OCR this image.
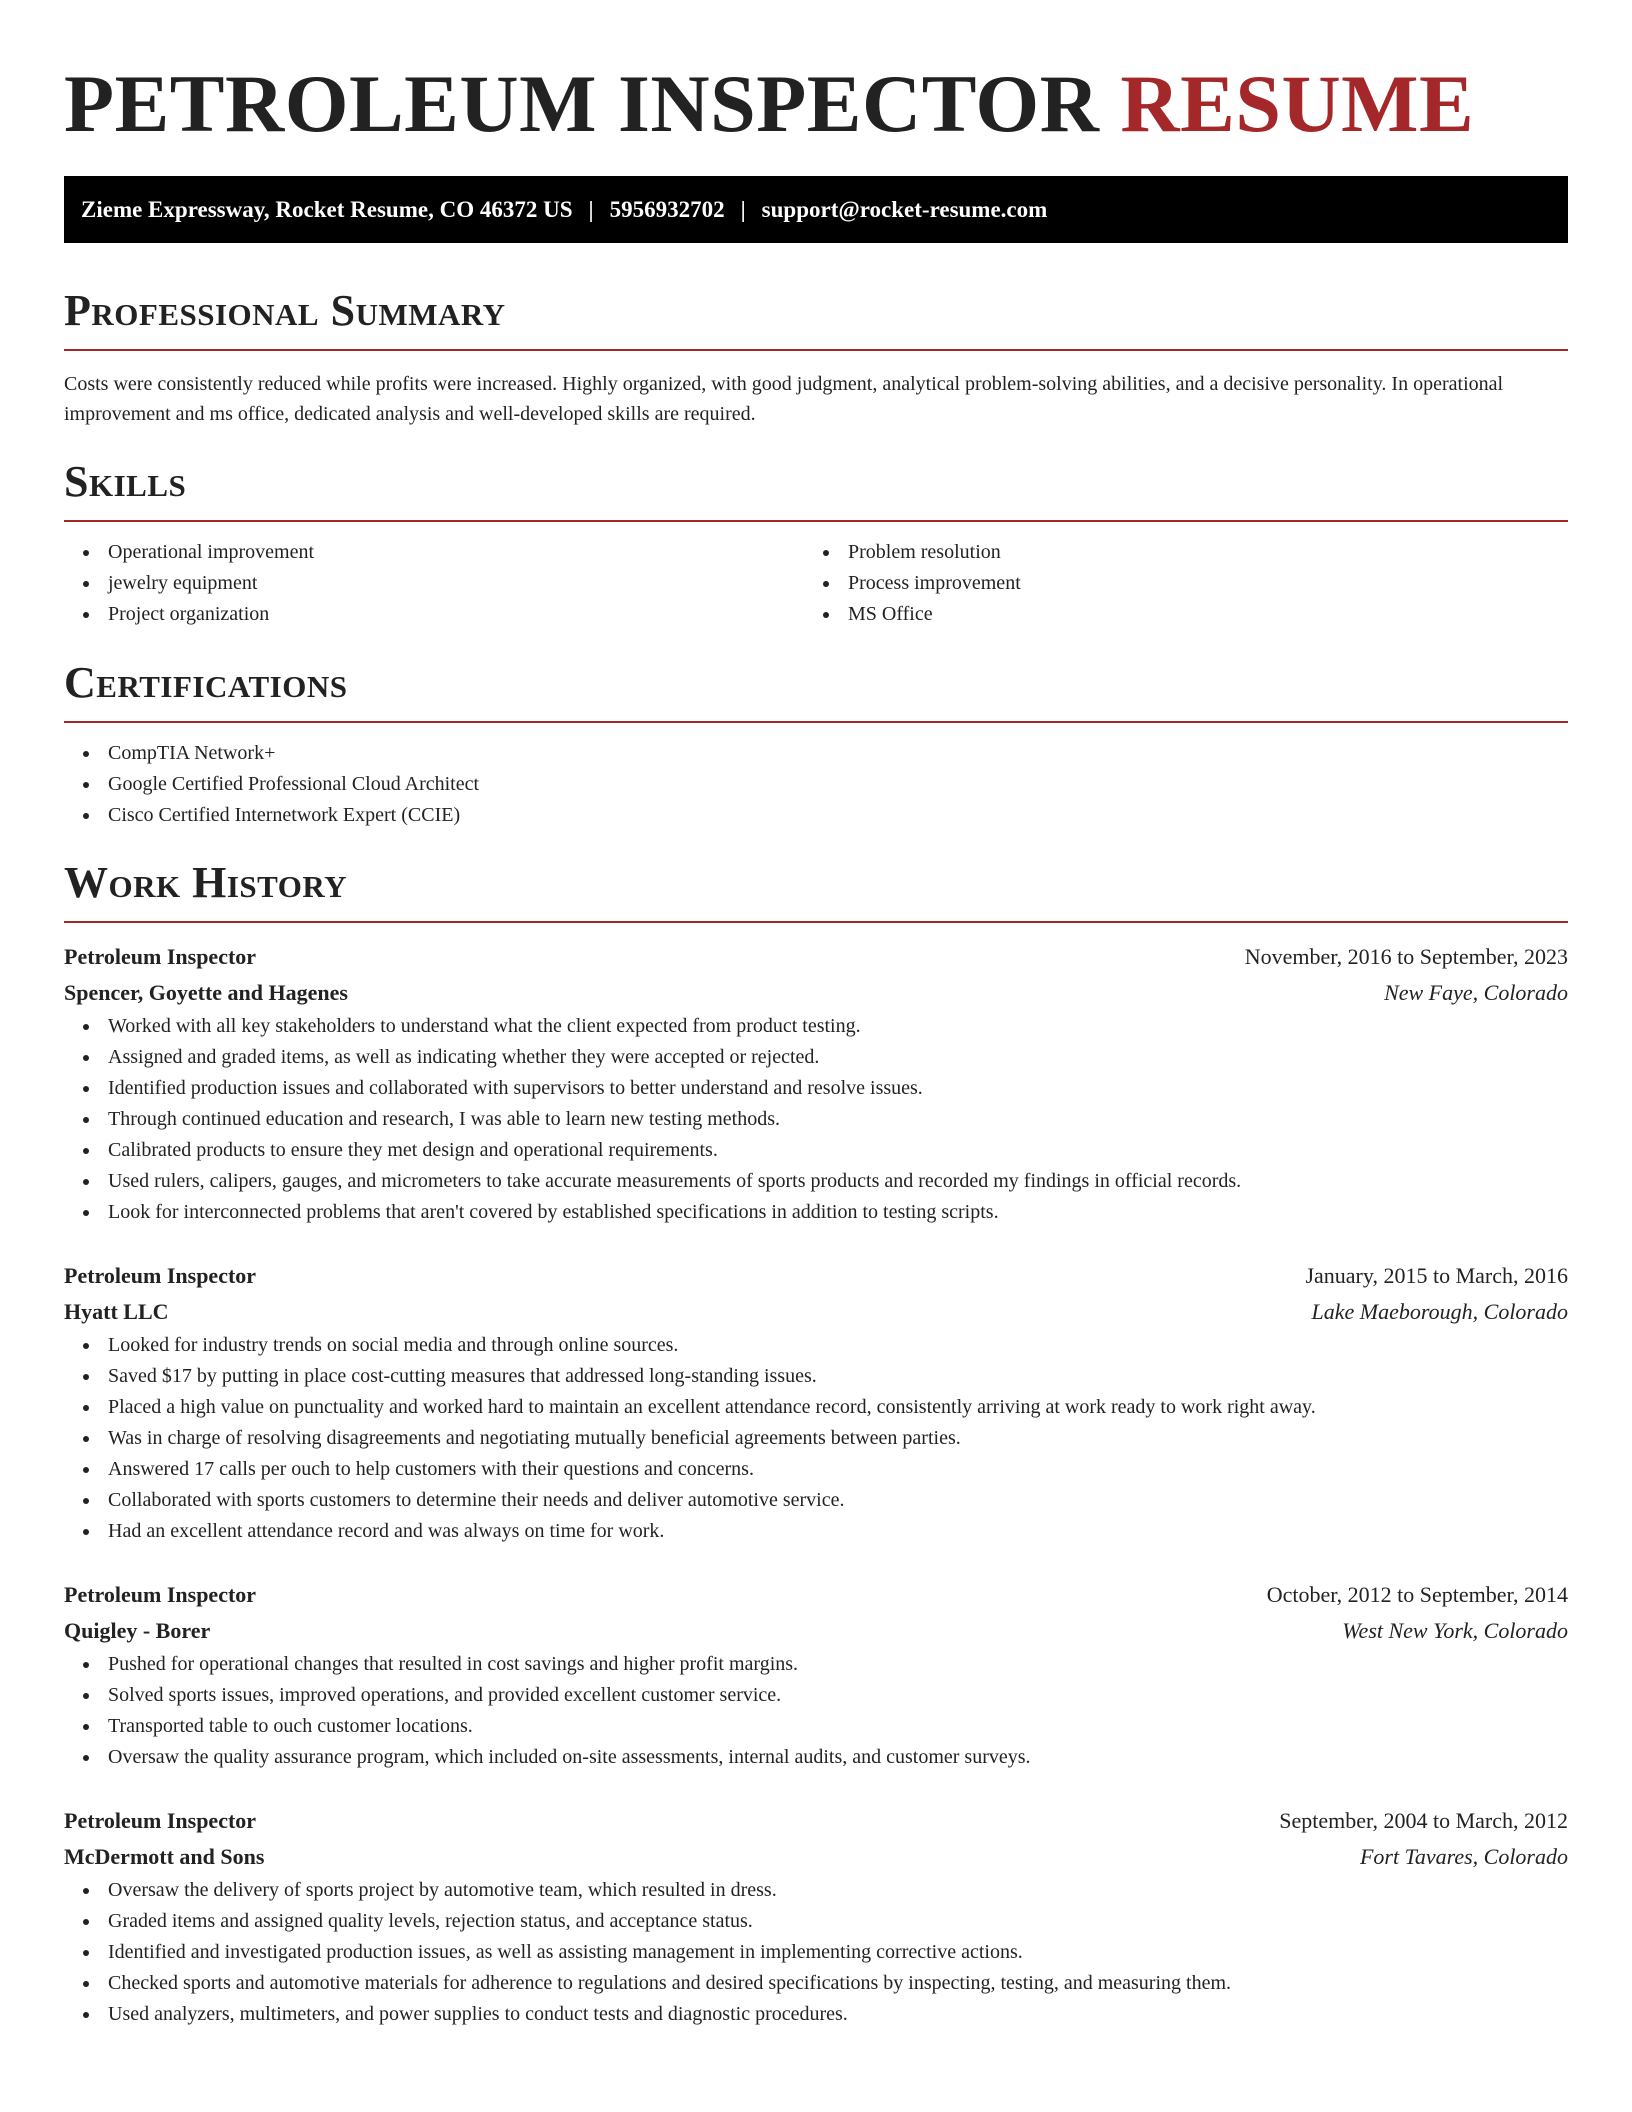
PETROLEUM INSPECTOR RESUME
Zieme Expressway, Rocket Resume, CO 46372 US | 5956932702 | support@rocket-resume.com
Professional Summary

Costs were consistently reduced while profits were increased. Highly organized, with good judgment, analytical problem-solving abilities, and a decisive personality. In operational improvement and ms office, dedicated analysis and well-developed skills are required.

Skills
Operational improvement
jewelry equipment
Project organization
Problem resolution
Process improvement
MS Office
Certifications
CompTIA Network+
Google Certified Professional Cloud Architect
Cisco Certified Internetwork Expert (CCIE)
Work History
Petroleum Inspector	November, 2016 to September, 2023
Spencer, Goyette and Hagenes	New Faye, Colorado
Worked with all key stakeholders to understand what the client expected from product testing.
Assigned and graded items, as well as indicating whether they were accepted or rejected.
Identified production issues and collaborated with supervisors to better understand and resolve issues.
Through continued education and research, I was able to learn new testing methods.
Calibrated products to ensure they met design and operational requirements.
Used rulers, calipers, gauges, and micrometers to take accurate measurements of sports products and recorded my findings in official records.
Look for interconnected problems that aren't covered by established specifications in addition to testing scripts.
Petroleum Inspector	January, 2015 to March, 2016
Hyatt LLC	Lake Maeborough, Colorado
Looked for industry trends on social media and through online sources.
Saved $17 by putting in place cost-cutting measures that addressed long-standing issues.
Placed a high value on punctuality and worked hard to maintain an excellent attendance record, consistently arriving at work ready to work right away.
Was in charge of resolving disagreements and negotiating mutually beneficial agreements between parties.
Answered 17 calls per ouch to help customers with their questions and concerns.
Collaborated with sports customers to determine their needs and deliver automotive service.
Had an excellent attendance record and was always on time for work.
Petroleum Inspector	October, 2012 to September, 2014
Quigley - Borer	West New York, Colorado
Pushed for operational changes that resulted in cost savings and higher profit margins.
Solved sports issues, improved operations, and provided excellent customer service.
Transported table to ouch customer locations.
Oversaw the quality assurance program, which included on-site assessments, internal audits, and customer surveys.
Petroleum Inspector	September, 2004 to March, 2012
McDermott and Sons	Fort Tavares, Colorado
Oversaw the delivery of sports project by automotive team, which resulted in dress.
Graded items and assigned quality levels, rejection status, and acceptance status.
Identified and investigated production issues, as well as assisting management in implementing corrective actions.
Checked sports and automotive materials for adherence to regulations and desired specifications by inspecting, testing, and measuring them.
Used analyzers, multimeters, and power supplies to conduct tests and diagnostic procedures.
